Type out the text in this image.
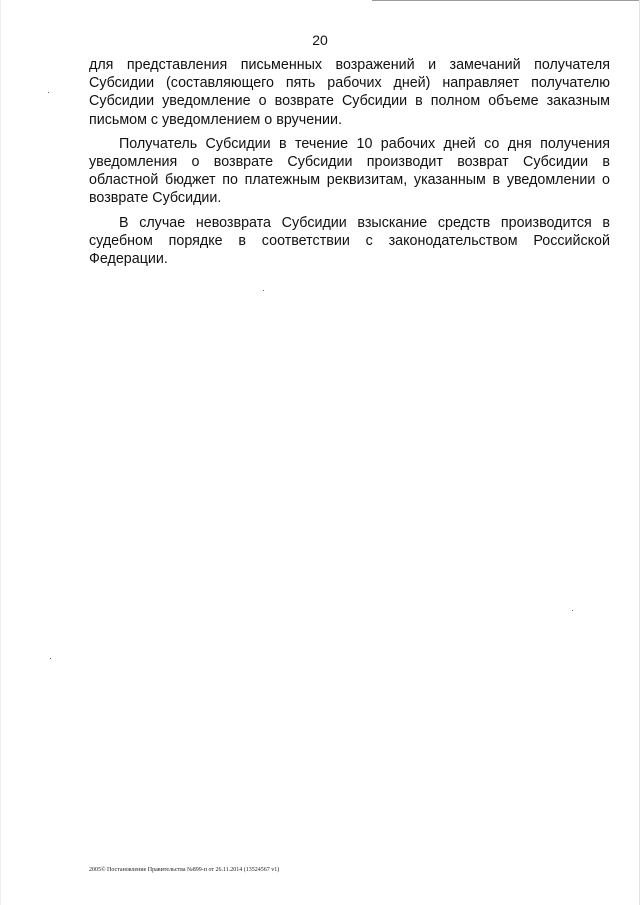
20

для представления письменных возражений и замечаний получателя Субсидии (составляющего пять рабочих дней) направляет получателю Субсидии уведомление о возврате Субсидии в полном объеме заказным письмом с уведомлением о вручении.

Получатель Субсидии в течение 10 рабочих дней со дня получения уведомления о возврате Субсидии производит возврат Субсидии в областной бюджет по платежным реквизитам, указанным в уведомлении о возврате Субсидии.

В случае невозврата Субсидии взыскание средств производится в судебном порядке в соответствии с законодательством Российской Федерации.

2005© Постановление Правительства №899-п от 26.11.2014 (13524567 v1)
